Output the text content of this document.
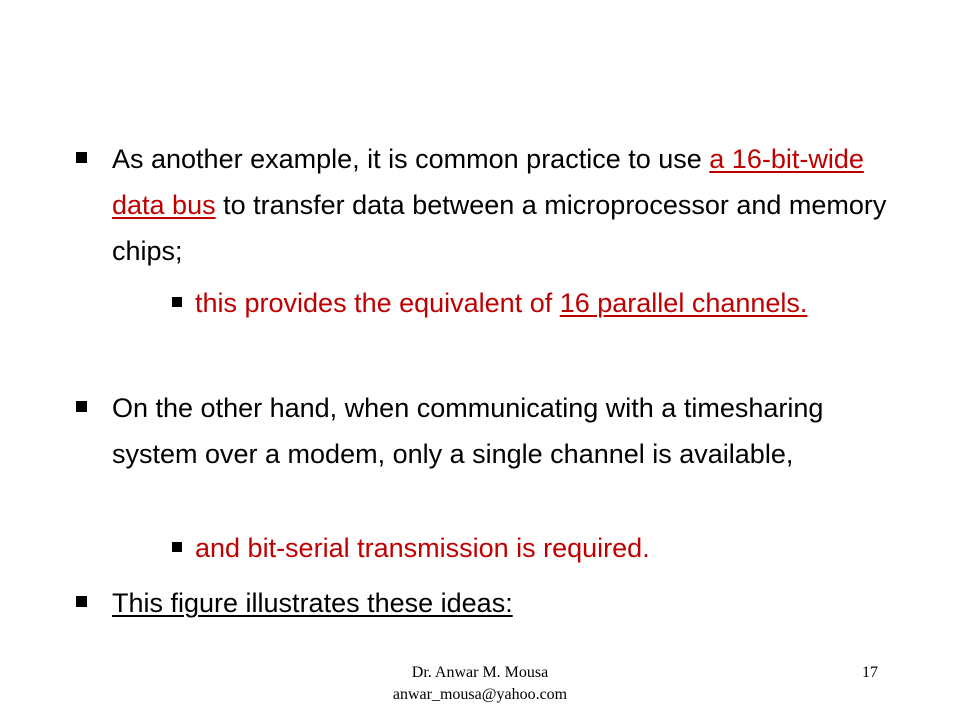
As another example, it is common practice to use a 16-bit-wide data bus to transfer data between a microprocessor and memory chips;
this provides the equivalent of 16 parallel channels.
On the other hand, when communicating with a timesharing system over a modem, only a single channel is available,
and bit-serial transmission is required.
This figure illustrates these ideas:
Dr. Anwar M. Mousa
anwar_mousa@yahoo.com
17
